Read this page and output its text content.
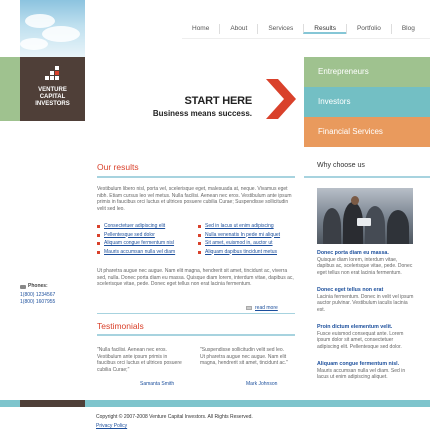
Home	About	Services	Results	Portfolio	Blog
VENTURE
CAPITAL
INVESTORS	START HERE
Business means success.
Entrepreneurs
Investors
Financial Services
Our results
Vestibulum libero nisl, porta vel, scelerisque eget, malesuada at, neque. Vivamus eget nibh. Etiam cursus leo vel metus. Nulla facilisi. Aenean nec eros. Vestibulum ante ipsum primis in faucibus orci luctus et ultrices posuere cubilia Curae; Suspendisse sollicitudin velit sed leo.
Consectetuer adipiscing elit
Pellentesque sed dolor
Aliquam congue fermentum nisl
Mauris accumsan nulla vel diam
Sed in lacus ut enim adipiscing
Nulla venenatis In pede mi aliquet
Sit amet, euismod in, auctor ut
Aliquam dapibus tincidunt metus
Ut pharetra augue nec augue. Nam elit magna, hendrerit sit amet, tincidunt ac, viverra sed, nulla. Donec porta diam eu massa. Quisque diam lorem, interdum vitae, dapibus ac, scelerisque vitae, pede. Donec eget tellus non erat lacinia fermentum.
read more
Testimonials
"Nulla facilisi. Aenean nec eros. Vestibulum ante ipsum primis in faucibus orci luctus et ultrices posuere cubilia Curae;"
Samanta Smith
"Suspendisse sollicitudin velit sed leo. Ut pharetra augue nec augue. Nam elit magna, hendrerit sit amet, tincidunt ac."
Mark Johnson
Phones:
1(800) 1234567
1(800) 1607955
Why choose us
Donec porta diam eu massa.
Quisque diam lorem, interdum vitae, dapibus ac, scelerisque vitae, pede. Donec eget tellus non erat lacinia fermentum.
Donec eget tellus non erat
Lacinia fermentum. Donec in velit vel ipsum auctor pulvinar. Vestibulum iaculis lacinia est.
Proin dictum elementum velit.
Fusce euismod consequat ante. Lorem ipsum dolor sit amet, consectetuer adipiscing elit. Pellentesque sed dolor.
Aliquam congue fermentum nisl.
Mauris accumsan nulla vel diam. Sed in lacus ut enim adipiscing aliquet.
Copyright © 2007-2008 Venture Capital Investors. All Rights Reserved.
Privacy Policy
